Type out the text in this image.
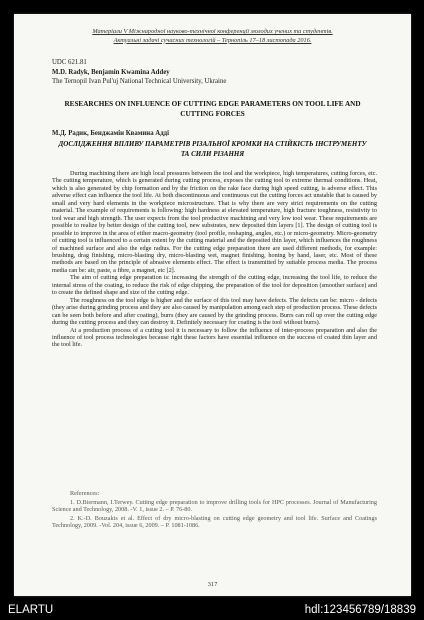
Матеріали V Міжнародної науково-технічної конференції молодих учених та студентів.
Актуальні задачі сучасних технологій – Тернопіль 17–18 листопада 2016.
UDC 621.81
M.D. Radyk, Benjamin Kwamina Addey
The Ternopil Ivan Pul'uj National Technical University, Ukraine
RESEARCHES ON INFLUENCE OF CUTTING EDGE PARAMETERS ON TOOL LIFE AND CUTTING FORCES
М.Д. Радик, Бенджамін Квамина Аддi
ДОСЛІДЖЕННЯ ВПЛИВУ ПАРАМЕТРІВ РІЗАЛЬНОЇ КРОМКИ НА СТІЙКІСТЬ ІНСТРУМЕНТУ ТА СИЛИ РІЗАННЯ

During machining there are high local pressures between the tool and the workpiece, high temperatures, cutting forces, etc. The cutting temperature, which is generated during cutting process, exposes the cutting tool to extreme thermal conditions. Heat, which is also generated by chip formation and by the friction on the rake face during high speed cutting, is adverse effect. This adverse effect can influence the tool life. At both discontinuous and continuous cut the cutting forces act unstable that is caused by small and very hard elements in the workpiece microstructure. That is why there are very strict requirements on the cutting material. The example of requirements is following: high hardness at elevated temperature, high fracture toughness, resistivity to tool wear and high strength. The user expects from the tool productive machining and very low tool wear. These requirements are possible to realize by better design of the cutting tool, new substrates, new deposited thin layers [1]. The design of cutting tool is possible to improve in the area of either macro-geometry (tool profile, reshaping, angles, etc.) or micro-geometry. Micro-geometry of cutting tool is influenced to a certain extent by the cutting material and the deposited thin layer, which influences the roughness of machined surface and also the edge radius. For the cutting edge preparation there are used different methods, for example: brushing, drag finishing, micro-blasting dry, micro-blasting wet, magnet finishing, honing by hand, laser, etc. Most of these methods are based on the principle of abrasive elements effect. The effect is transmitted by suitable process media. The process media can be: air, paste, a fibre, a magnet, etc [2].

The aim of cutting edge preparation is: increasing the strength of the cutting edge, increasing the tool life, to reduce the internal stress of the coating, to reduce the risk of edge chipping, the preparation of the tool for deposition (smoother surface) and to create the defined shape and size of the cutting edge.

The roughness on the tool edge is higher and the surface of this tool may have defects. The defects can be: micro - defects (they arise during grinding process and they are also caused by manipulation among each step of production process. These defects can be seen both before and after coating), burrs (they are caused by the grinding process. Burrs can roll up over the cutting edge during the cutting process and they can destroy it. Definitely necessary for coating is the tool without burrs).

At a production process of a cutting tool it is necessary to follow the influence of inter-process preparation and also the influence of tool process technologies because right these factors have essential influence on the success of coated thin layer and the tool life.

References:

1. D.Biermann, I.Terwey. Cutting edge preparation to improve drilling tools for HPC processes. Journal of Manufacturing Science and Technology, 2008. -V. 1, issue 2. – P. 76-80.

2. K.-D. Bouzakis et al. Effect of dry micro-blasting on cutting edge geometry and tool life. Surface and Coatings Technology, 2009. -Vol. 204, issue 6, 2009. – P. 1081-1086.

317
ELARTU	hdl:123456789/18839
